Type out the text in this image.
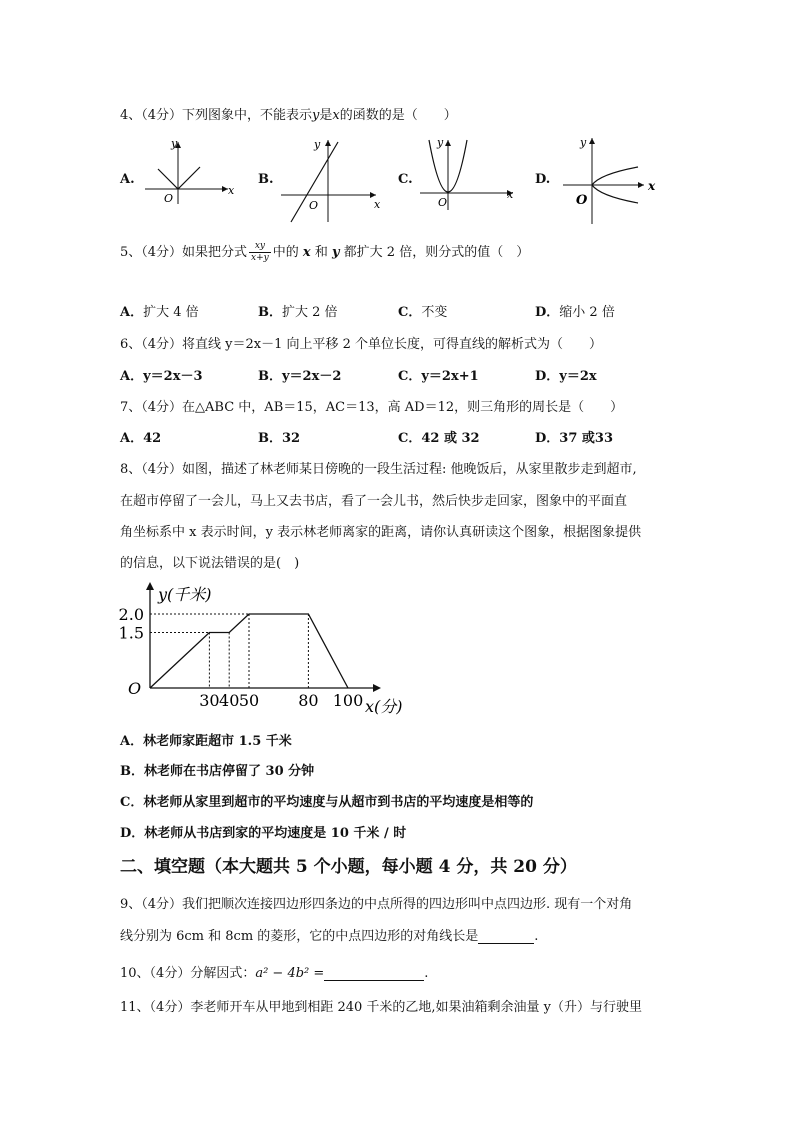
4、（4分）下列图象中，不能表示y是x的函数的是（　　）
A.
y
x
O
B.
y
x
O
C.
y
x
O
D.
y
x
O
5、（4分）如果把分式 $\frac{xy}{x+y}$ 中的 x 和 y 都扩大 2 倍，则分式的值（　）
A．扩大 4 倍	B．扩大 2 倍	C．不变	D．缩小 2 倍
6、（4分）将直线 y＝2x－1 向上平移 2 个单位长度，可得直线的解析式为（　　）
A．y＝2x－3	B．y＝2x－2	C．y＝2x+1	D．y＝2x
7、（4分）在△ABC 中，AB＝15，AC＝13，高 AD＝12，则三角形的周长是（　　）
A．42	B．32	C．42 或 32	D．37 或33
8、（4分）如图，描述了林老师某日傍晚的一段生活过程: 他晚饭后，从家里散步走到超市,
在超市停留了一会儿，马上又去书店，看了一会儿书，然后快步走回家，图象中的平面直
角坐标系中 x 表示时间，y 表示林老师离家的距离，请你认真研读这个图象，根据图象提供
的信息，以下说法错误的是(　)
30 40 50 80 100
1.5
2.0
y(千米)
x(分)
O
A．林老师家距超市 1.5 千米
B．林老师在书店停留了 30 分钟
C．林老师从家里到超市的平均速度与从超市到书店的平均速度是相等的
D．林老师从书店到家的平均速度是 10 千米 / 时
二、填空题（本大题共 5 个小题，每小题 4 分，共 20 分）
9、（4分）我们把顺次连接四边形四条边的中点所得的四边形叫中点四边形. 现有一个对角
线分别为 6cm 和 8cm 的菱形，它的中点四边形的对角线长是	.
10、（4分）分解因式：a² − 4b² =	.
11、（4分）李老师开车从甲地到相距 240 千米的乙地,如果油箱剩余油量 y（升）与行驶里
